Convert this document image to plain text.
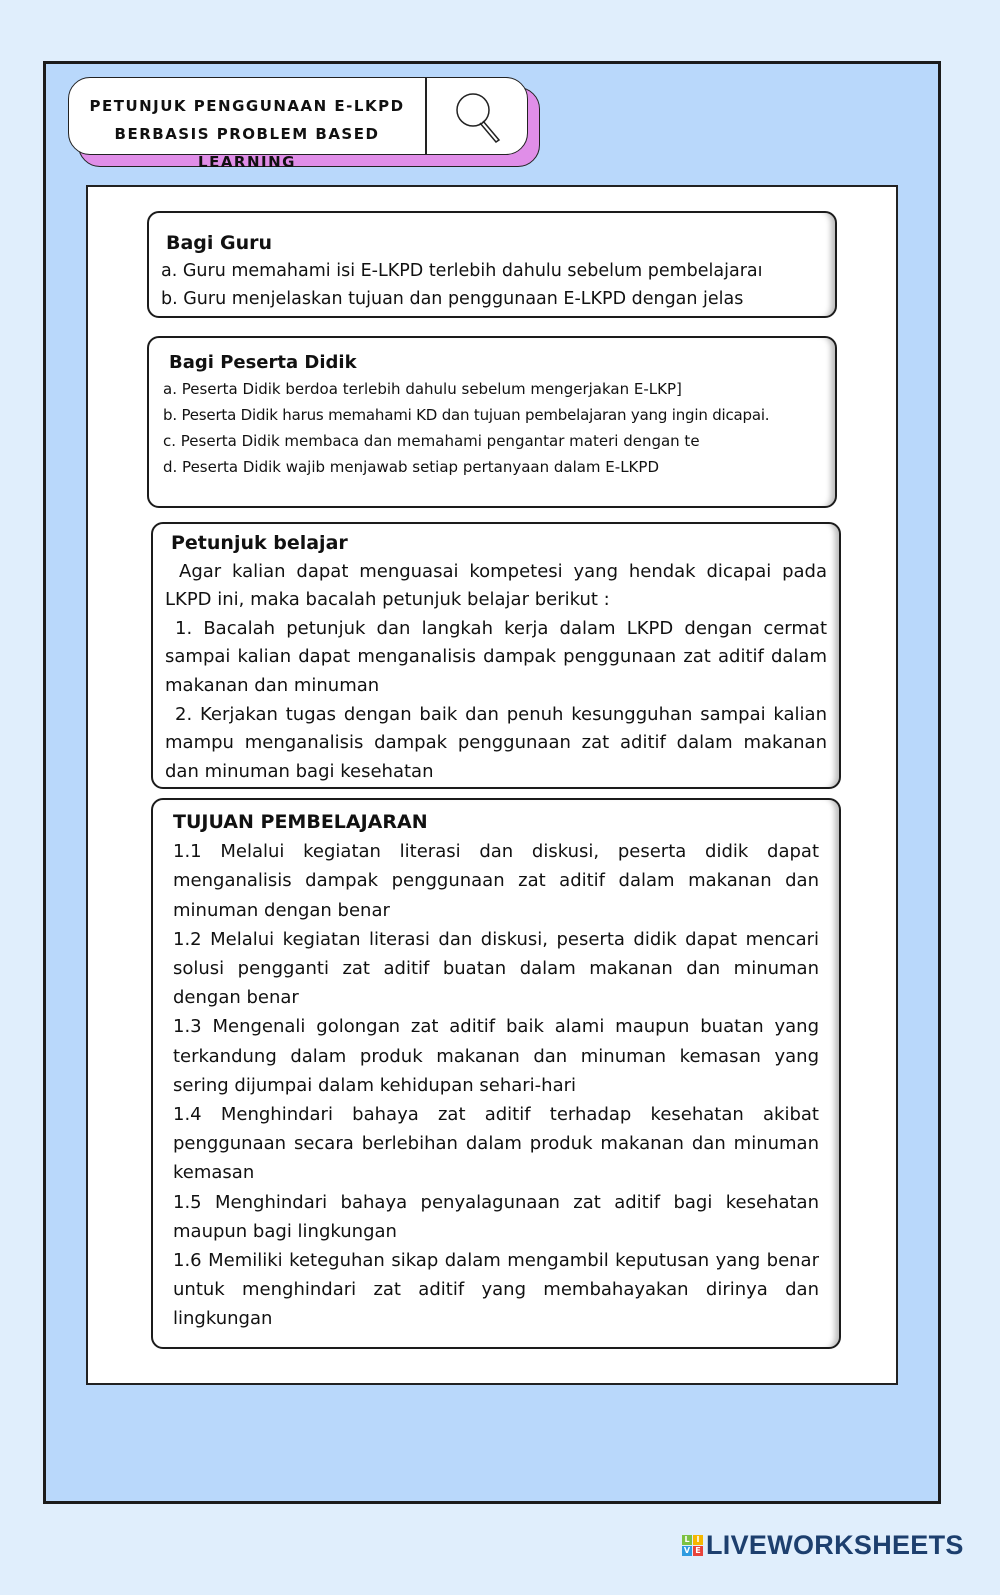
PETUNJUK PENGGUNAAN E-LKPD
BERBASIS PROBLEM BASED LEARNING
Bagi Guru

a. Guru memahami isi E-LKPD terlebih dahulu sebelum pembelajaraı

b. Guru menjelaskan tujuan dan penggunaan E-LKPD dengan jelas

Bagi Peserta Didik

a. Peserta Didik berdoa terlebih dahulu sebelum mengerjakan E-LKP]

b. Peserta Didik harus memahami KD dan tujuan pembelajaran yang ingin dicapai.

c. Peserta Didik membaca dan memahami pengantar materi dengan te

d. Peserta Didik wajib menjawab setiap pertanyaan dalam E-LKPD

Petunjuk belajar

Agar kalian dapat menguasai kompetesi yang hendak dicapai pada LKPD ini, maka bacalah petunjuk belajar berikut :

1. Bacalah petunjuk dan langkah kerja dalam LKPD dengan cermat sampai kalian dapat menganalisis dampak penggunaan zat aditif dalam makanan dan minuman

2. Kerjakan tugas dengan baik dan penuh kesungguhan sampai kalian mampu menganalisis dampak penggunaan zat aditif dalam makanan dan minuman bagi kesehatan

TUJUAN PEMBELAJARAN

1.1 Melalui kegiatan literasi dan diskusi, peserta didik dapat menganalisis dampak penggunaan zat aditif dalam makanan dan minuman dengan benar

1.2 Melalui kegiatan literasi dan diskusi, peserta didik dapat mencari solusi pengganti zat aditif buatan dalam makanan dan minuman dengan benar

1.3 Mengenali golongan zat aditif baik alami maupun buatan yang terkandung dalam produk makanan dan minuman kemasan yang sering dijumpai dalam kehidupan sehari-hari

1.4 Menghindari bahaya zat aditif terhadap kesehatan akibat penggunaan secara berlebihan dalam produk makanan dan minuman kemasan

1.5 Menghindari bahaya penyalagunaan zat aditif bagi kesehatan maupun bagi lingkungan

1.6 Memiliki keteguhan sikap dalam mengambil keputusan yang benar untuk menghindari zat aditif yang membahayakan dirinya dan lingkungan

L I
V E LIVEWORKSHEETS
